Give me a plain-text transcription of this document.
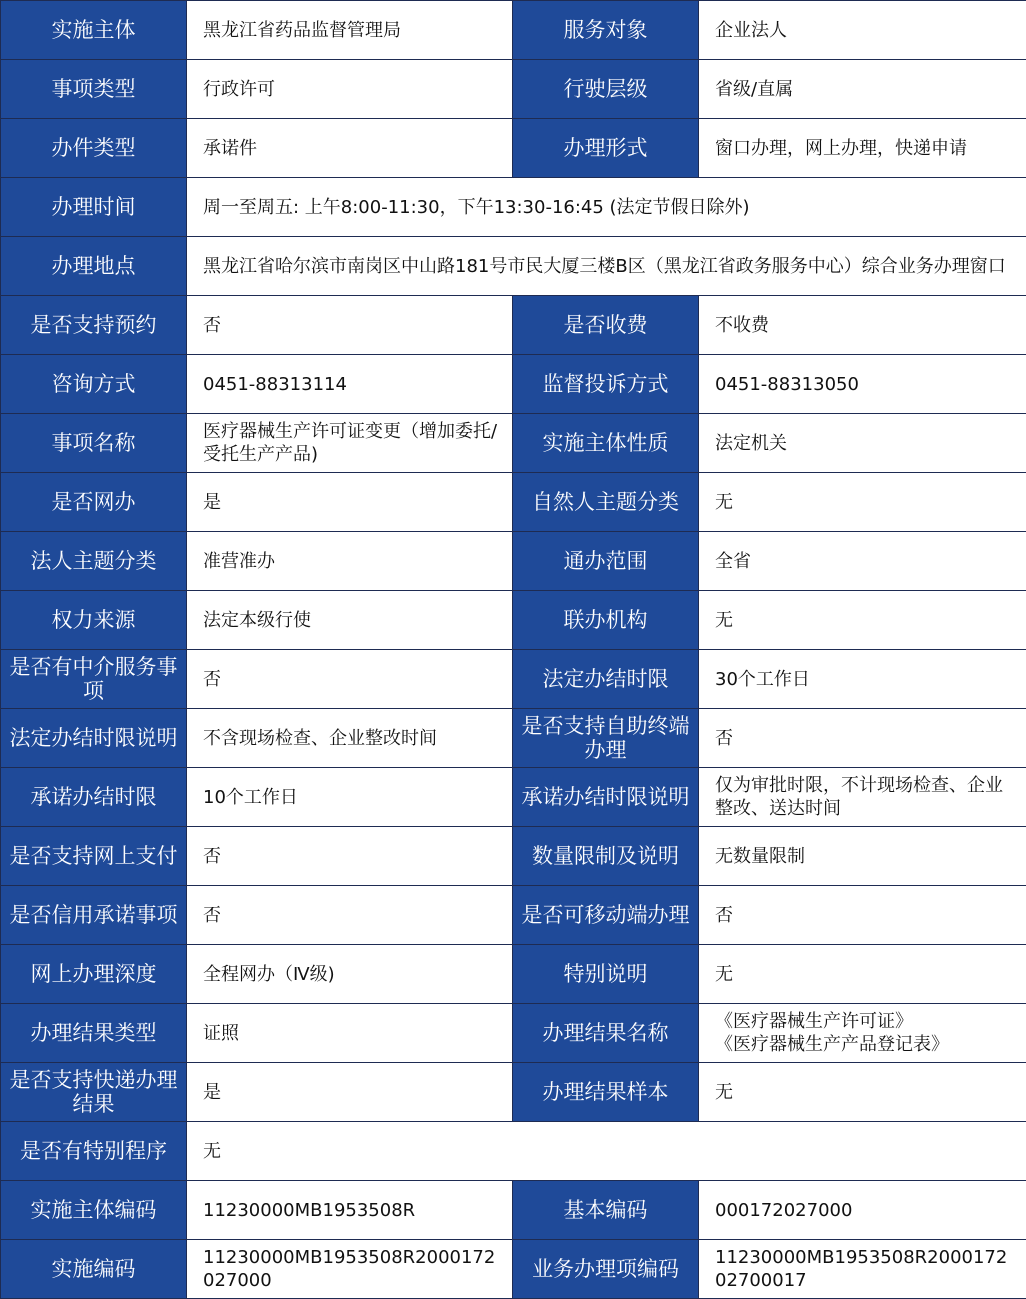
实施主体	黑龙江省药品监督管理局	服务对象	企业法人
事项类型	行政许可	行驶层级	省级/直属
办件类型	承诺件	办理形式	窗口办理，网上办理，快递申请
办理时间	周一至周五: 上午8:00-11:30，下午13:30-16:45 (法定节假日除外)		
办理地点	黑龙江省哈尔滨市南岗区中山路181号市民大厦三楼B区（黑龙江省政务服务中心）综合业务办理窗口		
是否支持预约	否	是否收费	不收费
咨询方式	0451-88313114	监督投诉方式	0451-88313050
事项名称	医疗器械生产许可证变更（增加委托/受托生产产品)	实施主体性质	法定机关
是否网办	是	自然人主题分类	无
法人主题分类	准营准办	通办范围	全省
权力来源	法定本级行使	联办机构	无
是否有中介服务事项	否	法定办结时限	30个工作日
法定办结时限说明	不含现场检查、企业整改时间	是否支持自助终端办理	否
承诺办结时限	10个工作日	承诺办结时限说明	仅为审批时限，不计现场检查、企业整改、送达时间
是否支持网上支付	否	数量限制及说明	无数量限制
是否信用承诺事项	否	是否可移动端办理	否
网上办理深度	全程网办（Ⅳ级)	特别说明	无
办理结果类型	证照	办理结果名称	《医疗器械生产许可证》
《医疗器械生产产品登记表》

是否支持快递办理结果	是	办理结果样本	无
是否有特别程序	无		
实施主体编码	11230000MB1953508R	基本编码	000172027000
实施编码	11230000MB1953508R2000172027000	业务办理项编码	11230000MB1953508R200017202700017
